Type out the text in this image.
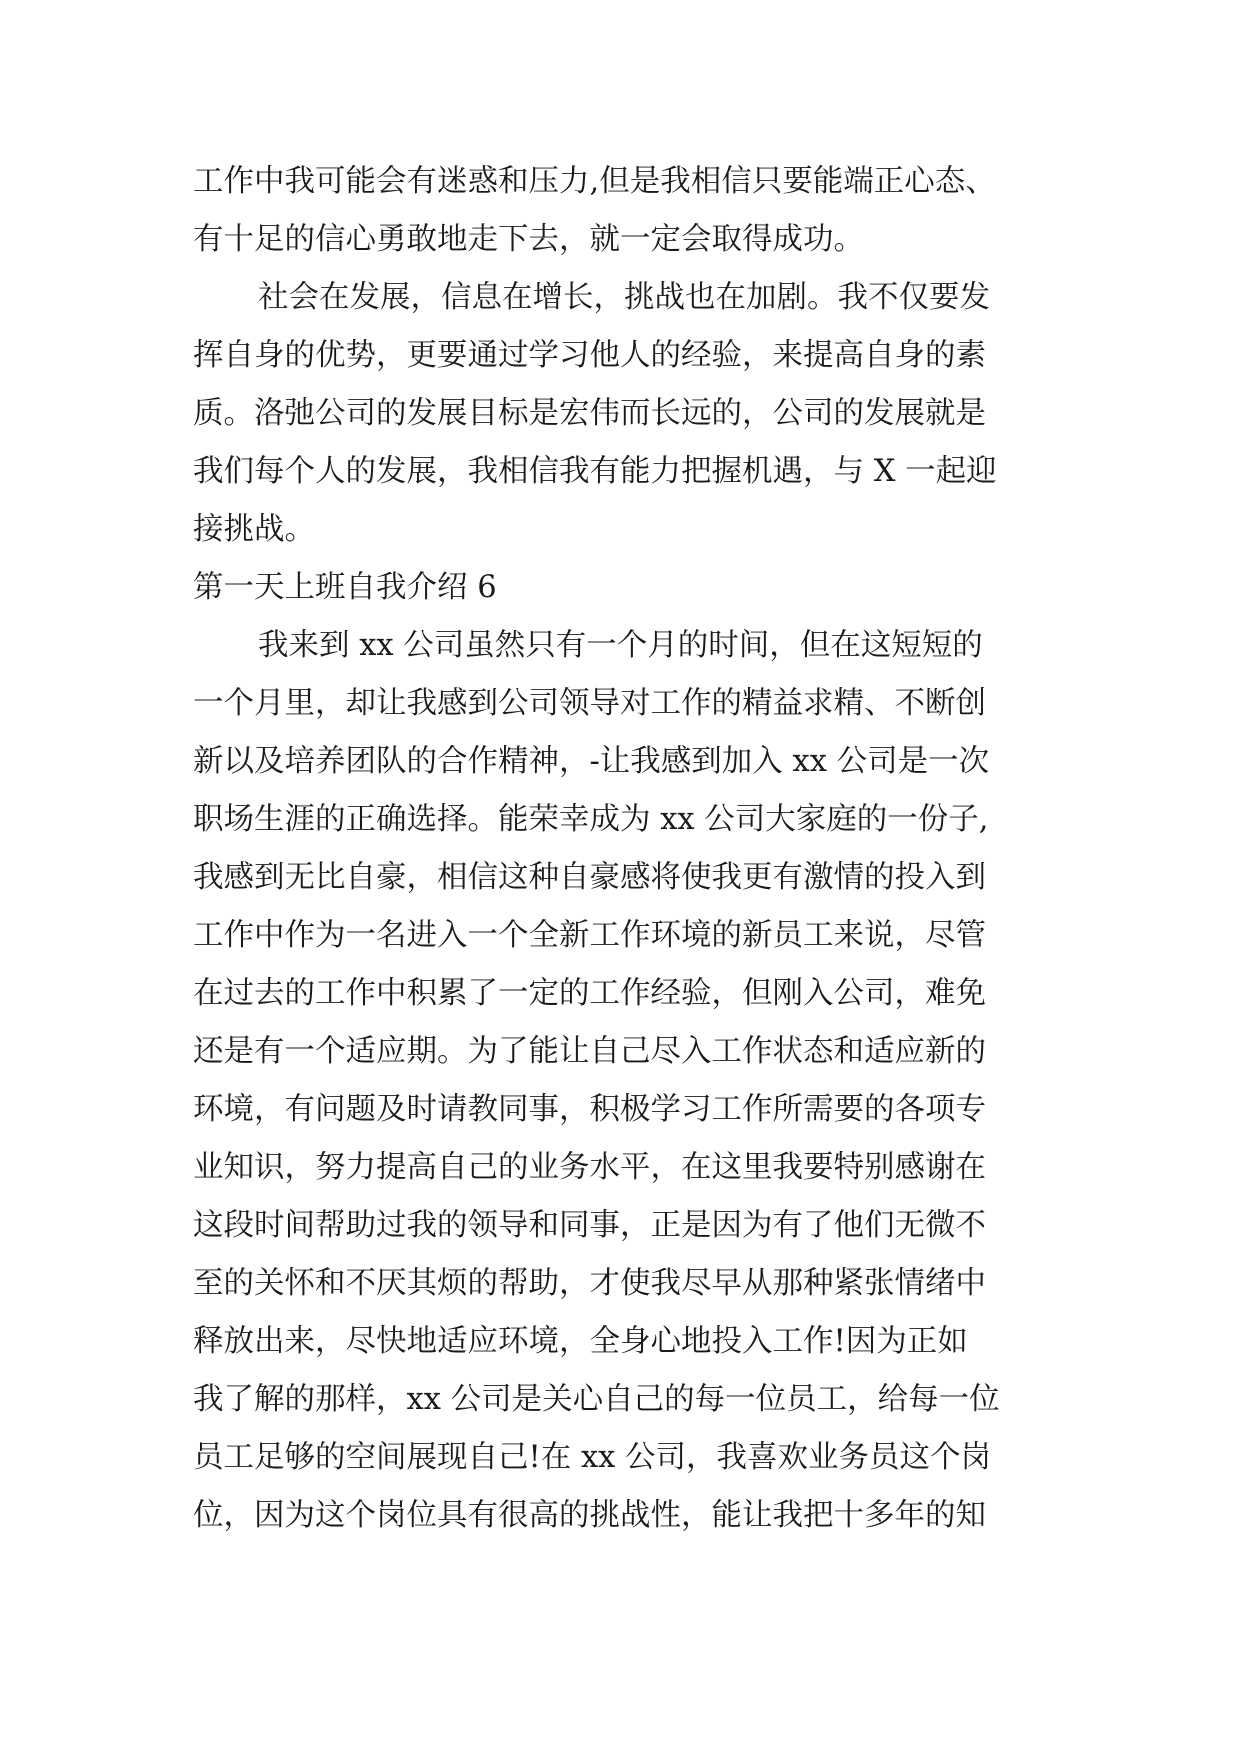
工作中我可能会有迷惑和压力,但是我相信只要能端正心态、
有十足的信心勇敢地走下去，就一定会取得成功。
社会在发展，信息在增长，挑战也在加剧。我不仅要发
挥自身的优势，更要通过学习他人的经验，来提高自身的素
质。洛弛公司的发展目标是宏伟而长远的，公司的发展就是
我们每个人的发展，我相信我有能力把握机遇，与 X 一起迎
接挑战。
第一天上班自我介绍 6
我来到 xx 公司虽然只有一个月的时间，但在这短短的
一个月里，却让我感到公司领导对工作的精益求精、不断创
新以及培养团队的合作精神，-让我感到加入 xx 公司是一次
职场生涯的正确选择。能荣幸成为 xx 公司大家庭的一份子,
我感到无比自豪，相信这种自豪感将使我更有激情的投入到
工作中作为一名进入一个全新工作环境的新员工来说，尽管
在过去的工作中积累了一定的工作经验，但刚入公司，难免
还是有一个适应期。为了能让自己尽入工作状态和适应新的
环境，有问题及时请教同事，积极学习工作所需要的各项专
业知识，努力提高自己的业务水平，在这里我要特别感谢在
这段时间帮助过我的领导和同事，正是因为有了他们无微不
至的关怀和不厌其烦的帮助，才使我尽早从那种紧张情绪中
释放出来，尽快地适应环境，全身心地投入工作!因为正如
我了解的那样，xx 公司是关心自己的每一位员工，给每一位
员工足够的空间展现自己!在 xx 公司，我喜欢业务员这个岗
位，因为这个岗位具有很高的挑战性，能让我把十多年的知
